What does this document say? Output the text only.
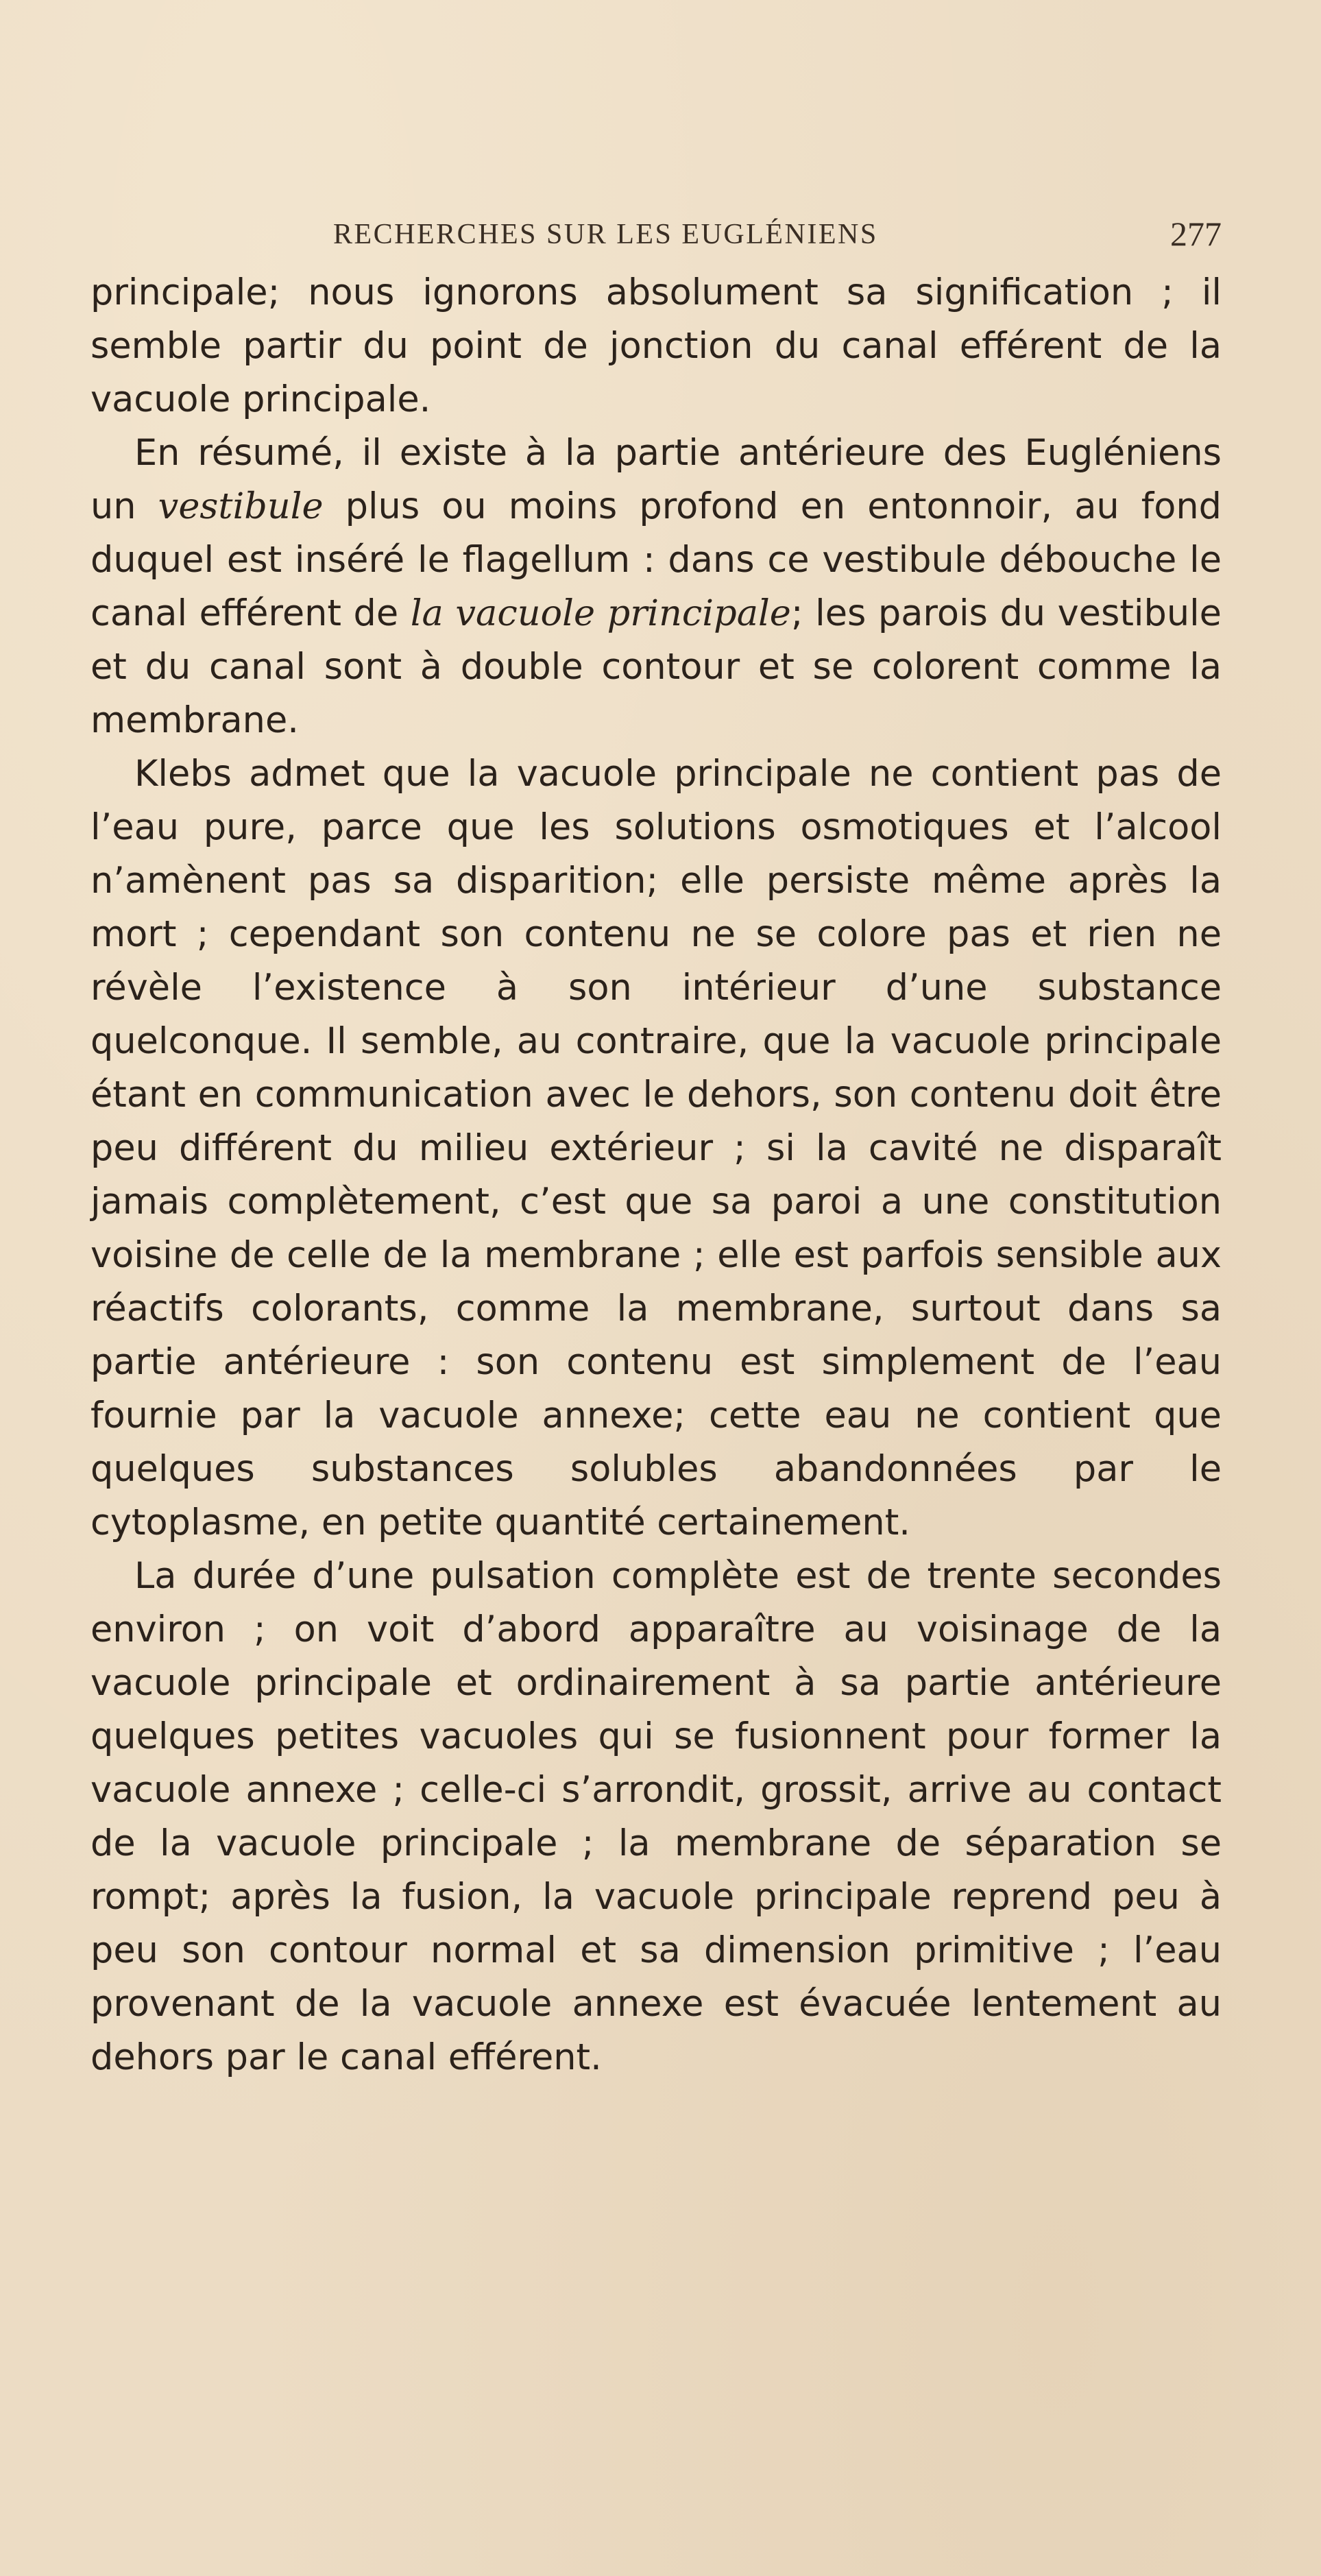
RECHERCHES SUR LES EUGLÉNIENS	277

principale; nous ignorons absolument sa signification ; il semble partir du point de jonction du canal efférent de la vacuole principale.

En résumé, il existe à la partie antérieure des Eugléniens un vestibule plus ou moins profond en entonnoir, au fond duquel est inséré le flagellum : dans ce vestibule débouche le canal efférent de la vacuole principale; les parois du vestibule et du canal sont à double contour et se colorent comme la membrane.

Klebs admet que la vacuole principale ne contient pas de l’eau pure, parce que les solutions osmotiques et l’alcool n’amènent pas sa disparition; elle persiste même après la mort ; cependant son contenu ne se colore pas et rien ne révèle l’existence à son intérieur d’une substance quelconque. Il semble, au contraire, que la vacuole principale étant en communication avec le dehors, son contenu doit être peu différent du milieu extérieur ; si la cavité ne disparaît jamais complètement, c’est que sa paroi a une constitution voisine de celle de la membrane ; elle est parfois sensible aux réactifs colorants, comme la membrane, surtout dans sa partie antérieure : son contenu est simplement de l’eau fournie par la vacuole annexe; cette eau ne contient que quelques substances solubles abandonnées par le cytoplasme, en petite quantité certainement.

La durée d’une pulsation complète est de trente secondes environ ; on voit d’abord apparaître au voisinage de la vacuole principale et ordinairement à sa partie antérieure quelques petites vacuoles qui se fusionnent pour former la vacuole annexe ; celle-ci s’arrondit, grossit, arrive au contact de la vacuole principale ; la membrane de séparation se rompt; après la fusion, la vacuole principale reprend peu à peu son contour normal et sa dimension primitive ; l’eau provenant de la vacuole annexe est évacuée lentement au dehors par le canal efférent.
